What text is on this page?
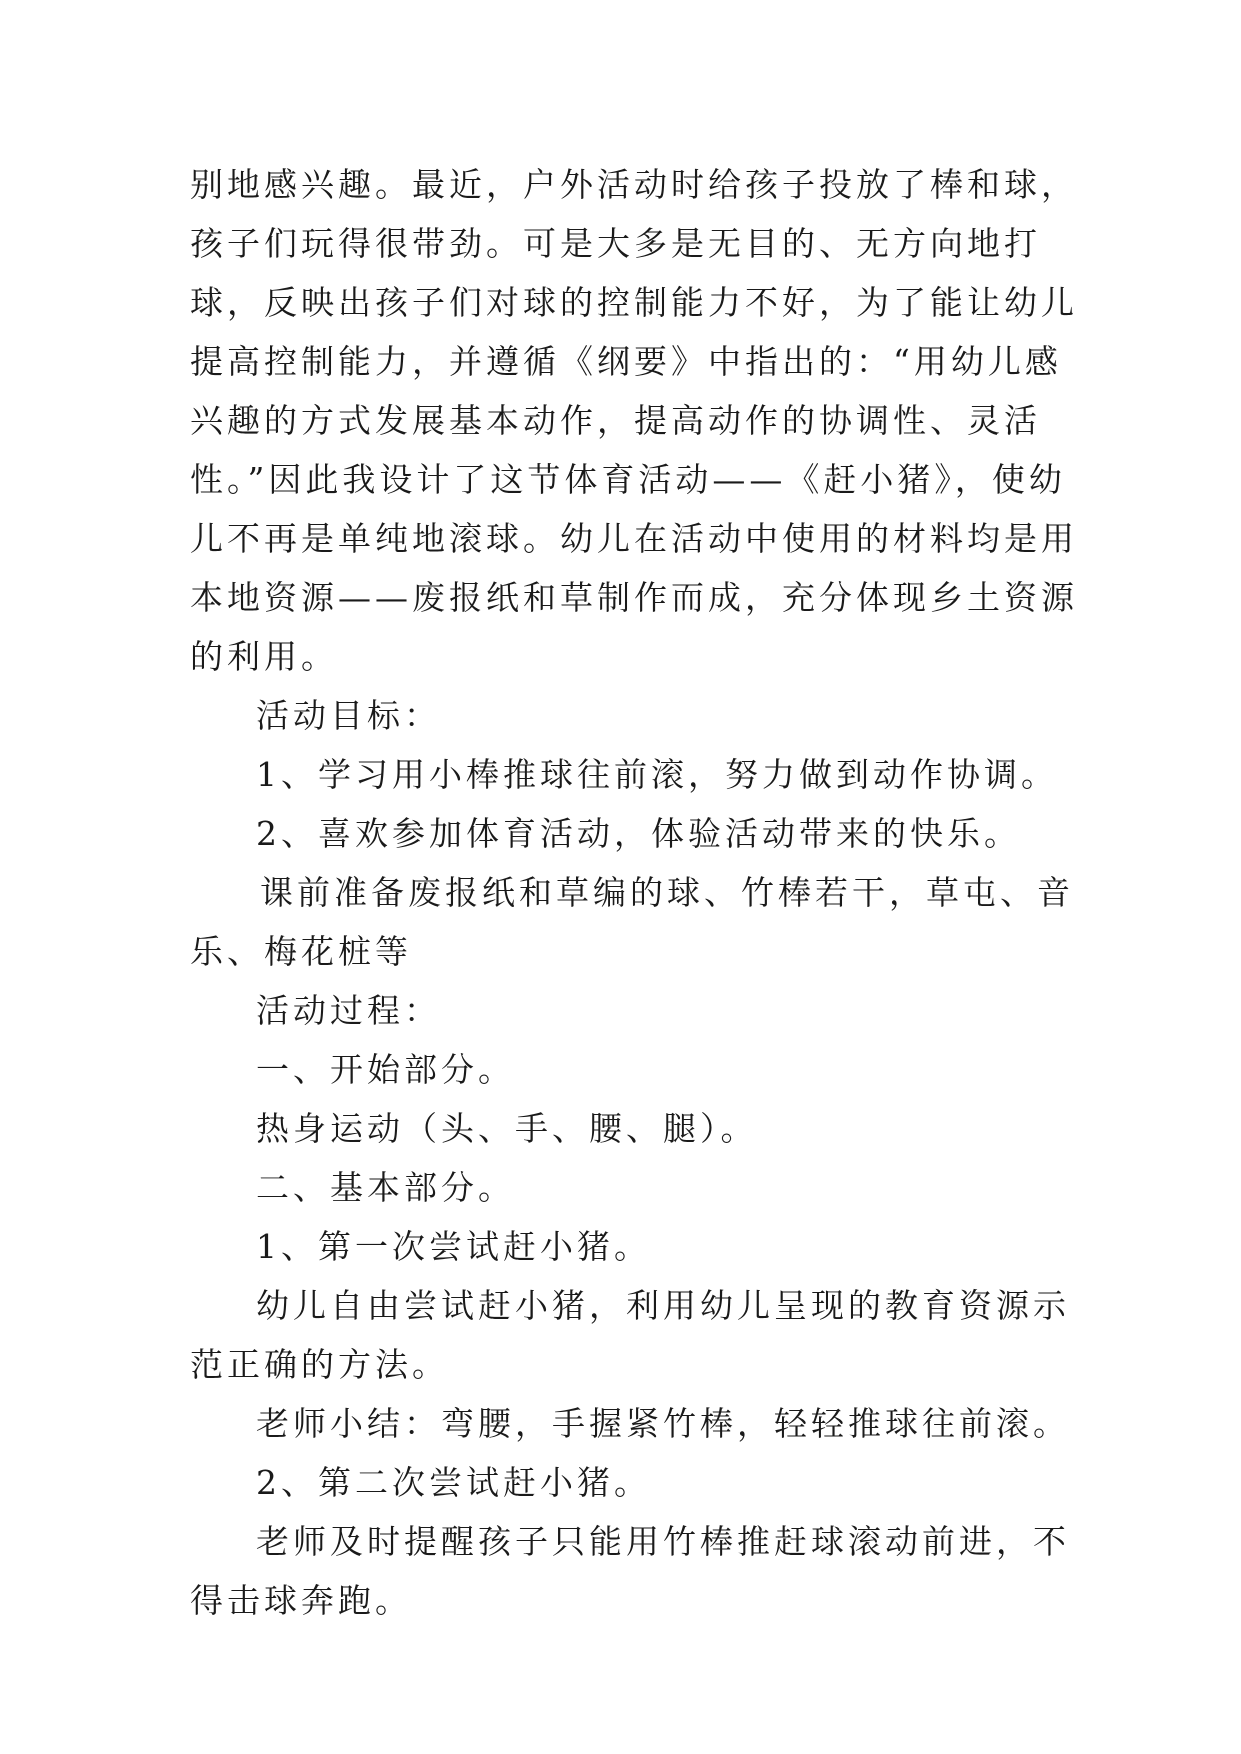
别地感兴趣。最近，户外活动时给孩子投放了棒和球，孩子们玩得很带劲。可是大多是无目的、无方向地打球，反映出孩子们对球的控制能力不好，为了能让幼儿提高控制能力，并遵循《纲要》中指出的：“用幼儿感兴趣的方式发展基本动作，提高动作的协调性、灵活性。”因此我设计了这节体育活动——《赶小猪》，使幼儿不再是单纯地滚球。幼儿在活动中使用的材料均是用本地资源——废报纸和草制作而成，充分体现乡土资源的利用。

活动目标：

1、学习用小棒推球往前滚，努力做到动作协调。

2、喜欢参加体育活动，体验活动带来的快乐。

课前准备废报纸和草编的球、竹棒若干，草屯、音乐、梅花桩等

活动过程：

一、开始部分。

热身运动（头、手、腰、腿）。

二、基本部分。

1、第一次尝试赶小猪。

幼儿自由尝试赶小猪，利用幼儿呈现的教育资源示范正确的方法。

老师小结：弯腰，手握紧竹棒，轻轻推球往前滚。

2、第二次尝试赶小猪。

老师及时提醒孩子只能用竹棒推赶球滚动前进，不得击球奔跑。
